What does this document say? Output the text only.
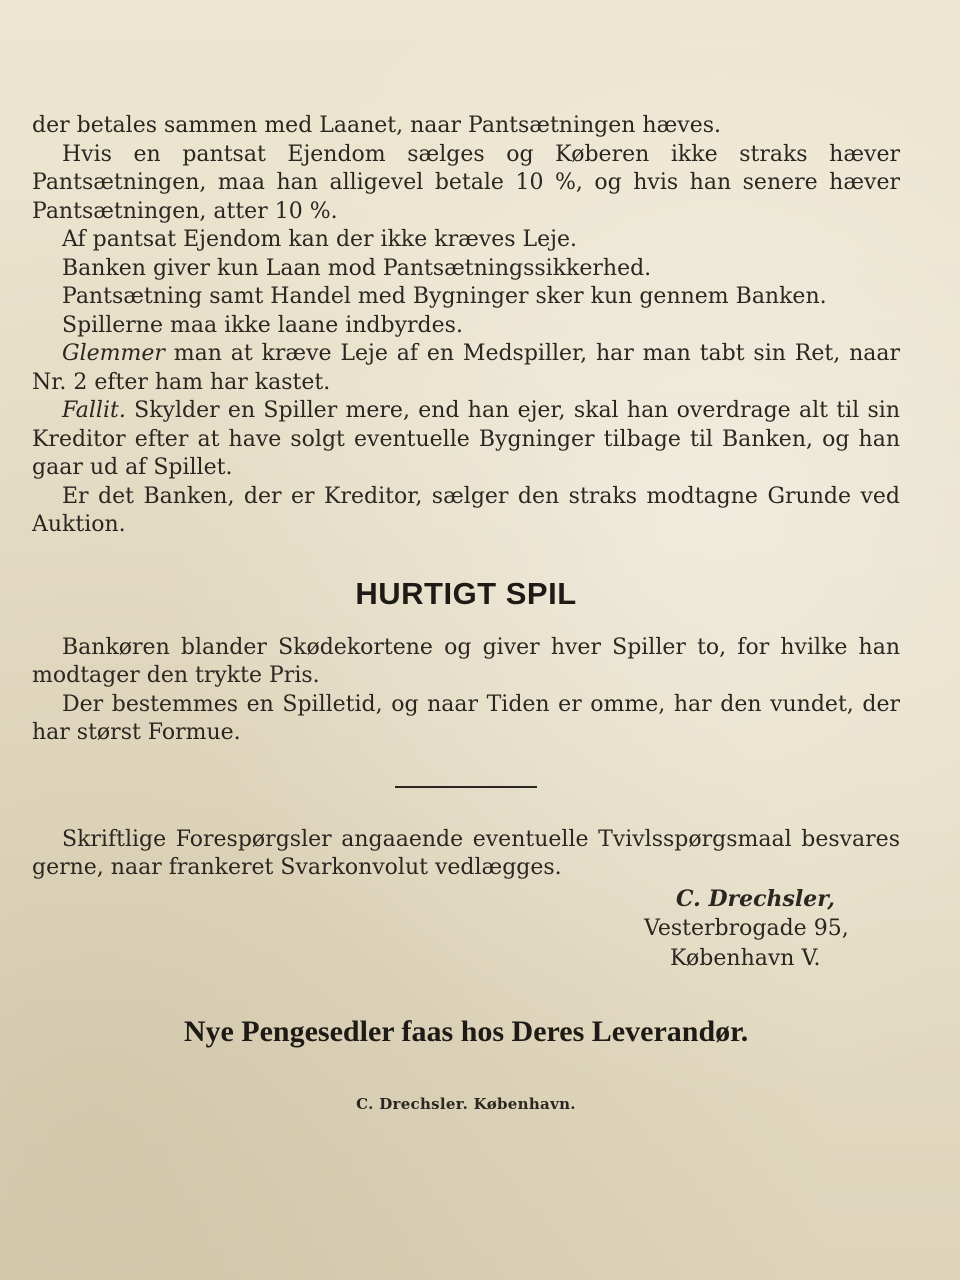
der betales sammen med Laanet, naar Pantsætningen hæves.

Hvis en pantsat Ejendom sælges og Køberen ikke straks hæver Pantsætningen, maa han alligevel betale 10 %, og hvis han senere hæver Pantsætningen, atter 10 %.

Af pantsat Ejendom kan der ikke kræves Leje.

Banken giver kun Laan mod Pantsætningssikkerhed.

Pantsætning samt Handel med Bygninger sker kun gennem Banken.

Spillerne maa ikke laane indbyrdes.

Glemmer man at kræve Leje af en Medspiller, har man tabt sin Ret, naar Nr. 2 efter ham har kastet.

Fallit. Skylder en Spiller mere, end han ejer, skal han overdrage alt til sin Kreditor efter at have solgt eventuelle Bygninger tilbage til Banken, og han gaar ud af Spillet.

Er det Banken, der er Kreditor, sælger den straks modtagne Grunde ved Auktion.

HURTIGT SPIL

Bankøren blander Skødekortene og giver hver Spiller to, for hvilke han modtager den trykte Pris.

Der bestemmes en Spilletid, og naar Tiden er omme, har den vundet, der har størst Formue.

Skriftlige Forespørgsler angaaende eventuelle Tvivlsspørgsmaal besvares gerne, naar frankeret Svarkonvolut vedlægges.

C. Drechsler,
Vesterbrogade 95,
København V.
Nye Pengesedler faas hos Deres Leverandør.
C. Drechsler. København.
